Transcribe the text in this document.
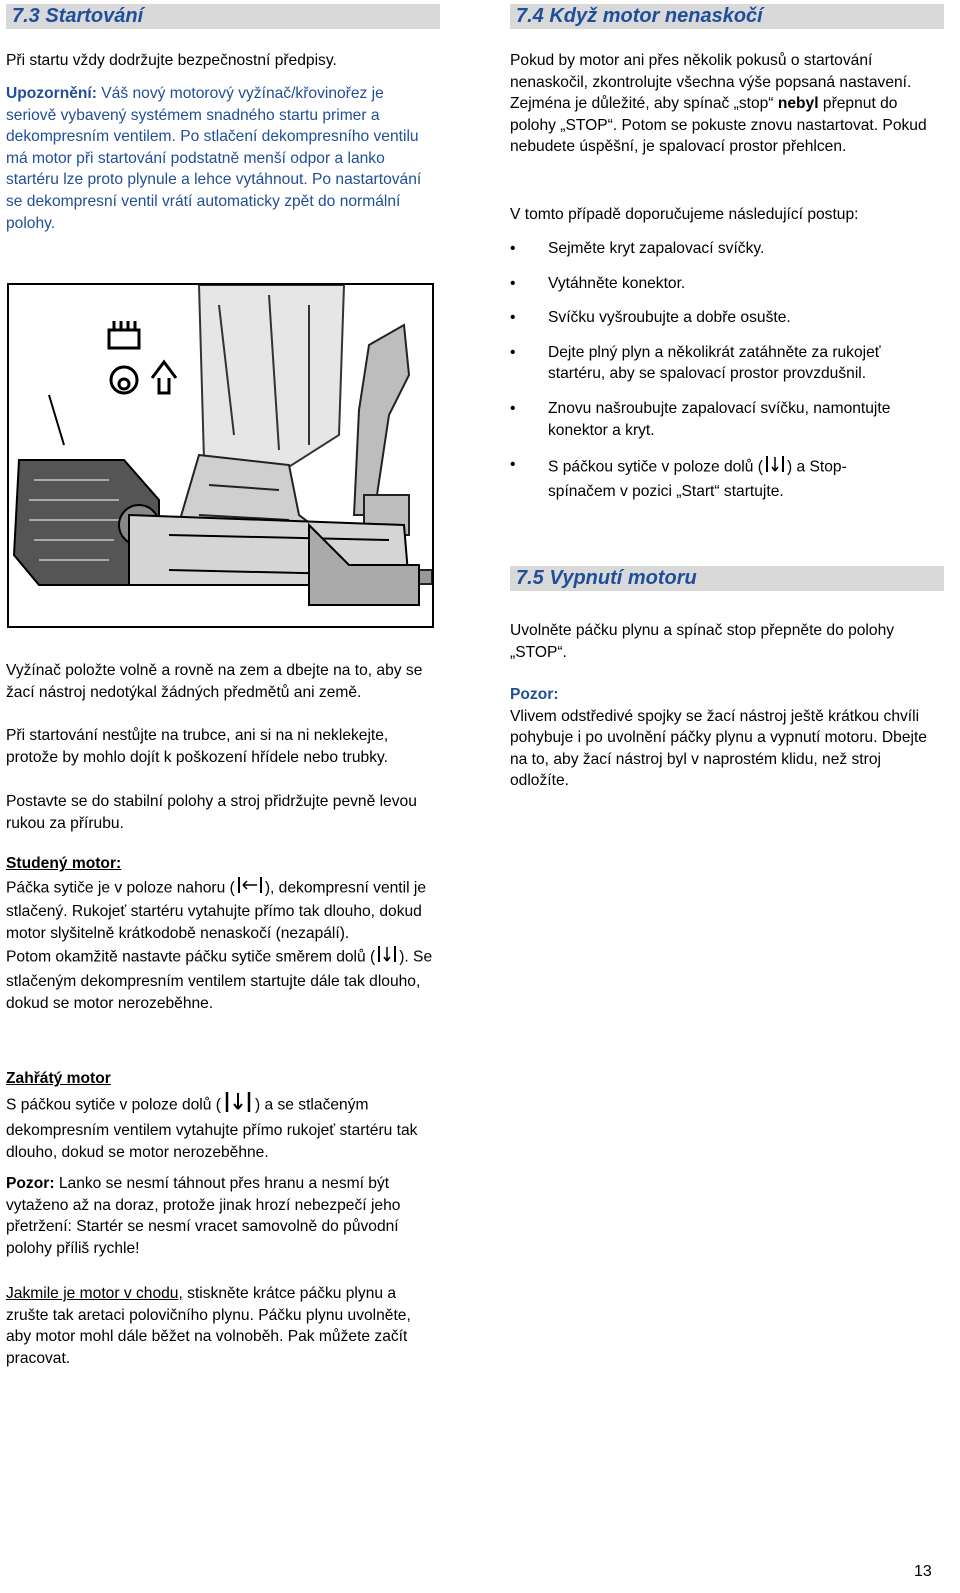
7.3 Startování

Při startu vždy dodržujte bezpečnostní předpisy.

Upozornění: Váš nový motorový vyžínač/křovinořez je seriově vybavený systémem snadného startu primer a dekompresním ventilem. Po stlačení dekompresního ventilu má motor při startování podstatně menší odpor a lanko startéru lze proto plynule a lehce vytáhnout. Po nastartování se dekompresní ventil vrátí automaticky zpět do normální polohy.

Vyžínač položte volně a rovně na zem a dbejte na to, aby se žací nástroj nedotýkal žádných předmětů ani země.

Při startování nestůjte na trubce, ani si na ni neklekejte, protože by mohlo dojít k poškození hřídele nebo trubky.

Postavte se do stabilní polohy a stroj přidržujte pevně levou rukou za přírubu.

Studený motor:

Páčka sytiče je v poloze nahoru ( ), dekompresní ventil je stlačený. Rukojeť startéru vytahujte přímo tak dlouho, dokud motor slyšitelně krátkodobě nenaskočí (nezapálí).

Potom okamžitě nastavte páčku sytiče směrem dolů ( ). Se stlačeným dekompresním ventilem startujte dále tak dlouho, dokud se motor nerozeběhne.

Zahřátý motor

S páčkou sytiče v poloze dolů ( ) a se stlačeným dekompresním ventilem vytahujte přímo rukojeť startéru tak dlouho, dokud se motor nerozeběhne.

Pozor: Lanko se nesmí táhnout přes hranu a nesmí být vytaženo až na doraz, protože jinak hrozí nebezpečí jeho přetržení: Startér se nesmí vracet samovolně do původní polohy příliš rychle!

Jakmile je motor v chodu, stiskněte krátce páčku plynu a zrušte tak aretaci polovičního plynu. Páčku plynu uvolněte, aby motor mohl dále běžet na volnoběh. Pak můžete začít pracovat.

7.4 Když motor nenaskočí

Pokud by motor ani přes několik pokusů o startování nenaskočil, zkontrolujte všechna výše popsaná nastavení. Zejména je důležité, aby spínač „stop“ nebyl přepnut do polohy „STOP“. Potom se pokuste znovu nastartovat. Pokud nebudete úspěšní, je spalovací prostor přehlcen.

V tomto případě doporučujeme následující postup:

• Sejměte kryt zapalovací svíčky.
• Vytáhněte konektor.
• Svíčku vyšroubujte a dobře osušte.
• Dejte plný plyn a několikrát zatáhněte za rukojeť startéru, aby se spalovací prostor provzdušnil.
• Znovu našroubujte zapalovací svíčku, namontujte konektor a kryt.
• S páčkou sytiče v poloze dolů ( ) a Stop-spínačem v pozici „Start“ startujte.
7.5 Vypnutí motoru

Uvolněte páčku plynu a spínač stop přepněte do polohy „STOP“.

Pozor:

Vlivem odstředivé spojky se žací nástroj ještě krátkou chvíli pohybuje i po uvolnění páčky plynu a vypnutí motoru. Dbejte na to, aby žací nástroj byl v naprostém klidu, než stroj odložíte.

13
